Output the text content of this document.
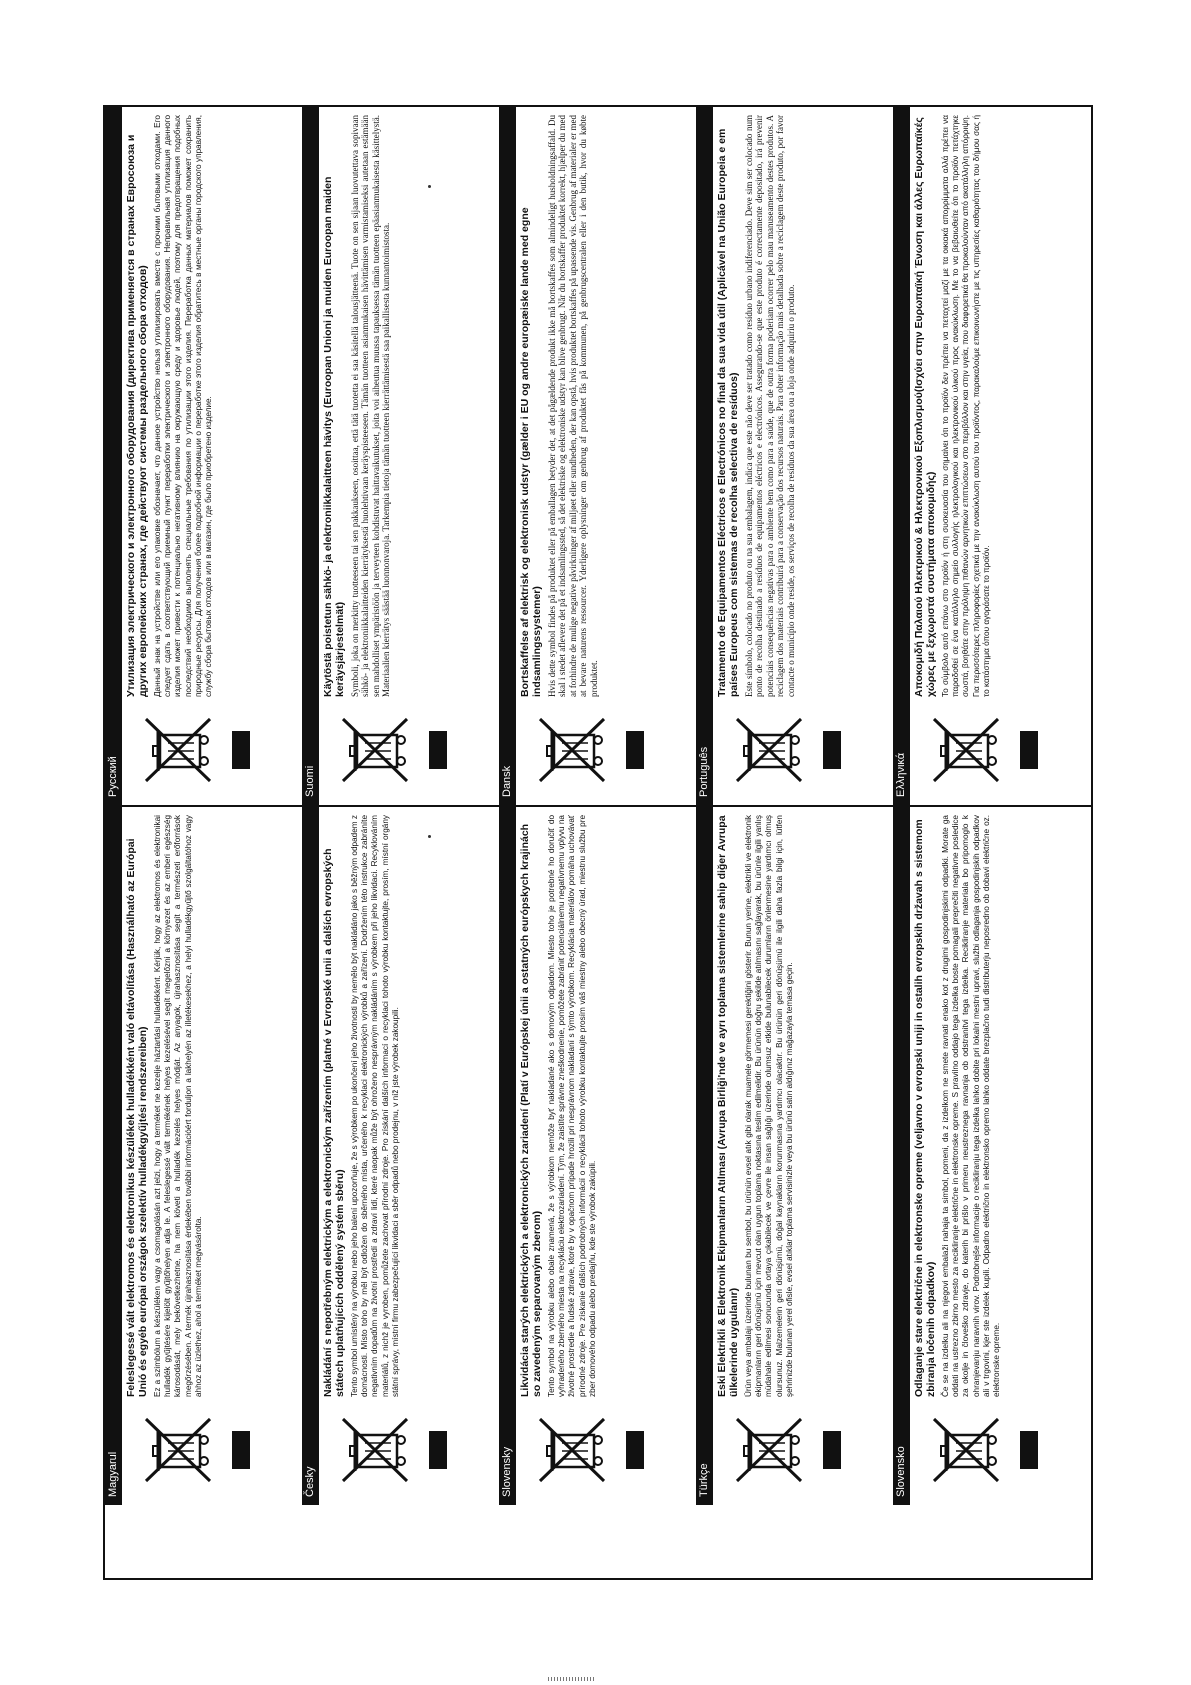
Русский

Утилизация электрического и электронного оборудования (директива применяется в странах Евросоюза и других европейских странах, где действуют системы раздельного сбора отходов) Данный знак на устройстве или его упаковке обозначает, что данное устройство нельзя утилизировать вместе с прочими бытовыми отходами. Его следует сдать в соответствующий приемный пункт переработки электрического и электронного оборудования. Неправильная утилизация данного изделия может привести к потенциально негативному влиянию на окружающую среду и здоровье людей, поэтому для предотвращения подобных последствий необходимо выполнять специальные требования по утилизации этого изделия. Переработка данных материалов поможет сохранить природные ресурсы. Для получения более подробной информации о переработке этого изделия обратитесь в местные органы городского управления, службу сбора бытовых отходов или в магазин, где было приобретено изделие.

Suomi

Käytöstä poistetun sähkö- ja elektroniikkalaitteen hävitys (Euroopan Unioni ja muiden Euroopan maiden keräysjärjestelmät) Symboli, joka on merkitty tuotteeseen tai sen pakkaukseen, osoittaa, että tätä tuotetta ei saa käsitellä talousjätteenä. Tuote on sen sijaan luovutettava sopivaan sähkö- ja elektroniikkalaitteiden kierrätyksestä huolehtivaan keräyspisteeseen. Tämän tuotteen asianmukaisen hävittämisen varmistamiseksi autetaan estämään sen mahdolliset ympäristöön ja terveyteen kohdistuvat haittavaikutukset, joita voi aiheutua muussa tapauksessa tämän tuotteen epäasianmukaisesta käsittelystä. Materiaalien kierrätys säästää luonnonvaroja. Tarkempia tietoja tämän tuotteen kierrättämisestä saa paikallisesta kunnantoimistosta.

Dansk

Bortskaffelse af elektrisk og elektronisk udstyr (gælder i EU og andre europæiske lande med egne indsamlingssystemer) Hvis dette symbol findes på produktet eller på emballagen betyder det, at det pågældende produkt ikke må bortskaffes som almindeligt husholdningsaffald. Du skal i stedet aflevere det på et indsamlingssted, så det elektriske og elektroniske udstyr kan blive genbrugt. Når du bortskaffer produktet korrekt, hjælper du med at forhindre de mulige negative påvirkninger af miljøet eller sundheden, der kan opstå, hvis produktet bortskaffes på upassende vis. Genbrug af materialer er med at bevare naturens ressourcer. Yderligere oplysninger om genbrug af produktet fås på kommunen, på genbrugscentralen eller i den butik, hvor du købte produktet.

Português

Tratamento de Equipamentos Eléctricos e Electrónicos no final da sua vida útil (Aplicável na União Europeia e em países Europeus com sistemas de recolha selectiva de resíduos) Este símbolo, colocado no produto ou na sua embalagem, indica que este não deve ser tratado como resíduo urbano indiferenciado. Deve sim ser colocado num ponto de recolha destinado a resíduos de equipamentos eléctricos e electrónicos. Assegurando-se que este produto é correctamente depositado, irá prevenir potenciais consequências negativas para o ambiente bem como para a saúde, que de outra forma poderiam ocorrer pelo mau manuseamento destes produtos. A reciclagem dos materiais contribuirá para a conservação dos recursos naturais. Para obter informação mais detalhada sobre a reciclagem deste produto, por favor contacte o município onde reside, os serviços de recolha de resíduos da sua área ou a loja onde adquiriu o produto.

Ελληνικά

Αποκομιδή Παλαιού Ηλεκτρικού & Ηλεκτρονικού Εξοπλισμού(Ισχύει στην Ευρωπαϊκή Ένωση και άλλες Ευρωπαϊκές χώρες με ξεχωριστά συστήματα αποκομιδής) Το σύμβολο αυτό επάνω στο προϊόν ή στη συσκευασία του σημαίνει ότι το προϊόν δεν πρέπει να πεταχτεί μαζί με τα οικιακά απορρίμματα αλλά πρέπει να παραδοθεί σε ένα κατάλληλο σημείο συλλογής ηλεκτρολογικού και ηλεκτρονικού υλικού προς ανακύκλωση. Με το να βεβαιωθείτε ότι το προϊόν πετάχτηκε σωστά, βοηθάτε στην πρόληψη πιθανών αρνητικών επιπτώσεων στο περιβάλλον και στην υγεία, που διαφορετικά θα προκαλούνταν από ακατάλληλη απόρριψη. Για περισσότερες πληροφορίες σχετικά με την ανακύκλωση αυτού του προϊόντος, παρακαλούμε επικοινωνήστε με τις υπηρεσίες καθαριότητας του δήμου σας ή το κατάστημα όπου αγοράσατε το προϊόν.

Magyarul

Feleslegessé vált elektromos és elektronikus készülékek hulladékként való eltávolítása (Használható az Európai Unió és egyéb európai országok szelektív hulladékgyűjtési rendszereiben) Ez a szimbólum a készüléken vagy a csomagolásán azt jelzi, hogy a terméket ne kezelje háztartási hulladékként. Kérjük, hogy az elektromos és elektronikai hulladék gyűjtésére kijelölt gyűjtőhelyen adja le. A feleslegessé vált termékének helyes kezelésével segít megelőzni a környezet és az emberi egészség károsodását, mely bekövetkezhetne, ha nem követi a hulladék kezelés helyes módját. Az anyagok, újrahasznosítása segít a természeti erőforrások megőrzésében. A termék újrahasznosítása érdekében további információért forduljon a lakhelyén az illetékesekhez, a helyi hulladékgyűjtő szolgáltatóhoz vagy ahhoz az üzlethez, ahol a terméket megvásárolta.

Česky

Nakládání s nepotřebným elektrickým a elektronickým zařízením (platné v Evropské unii a dalších evropských státech uplatňujících oddělený systém sběru) Tento symbol umístěný na výrobku nebo jeho balení upozorňuje, že s výrobkem po ukončení jeho životnosti by nemělo být nakládáno jako s běžným odpadem z domácnosti. Místo toho by měl být odložen do sběrného místa, určeného k recyklaci elektronických výrobků a zařízení. Dodržením této instrukce zabráníte negativním dopadům na životní prostředí a zdraví lidí, které naopak může být ohroženo nesprávným nakládáním s výrobkem při jeho likvidaci. Recyklováním materiálů, z nichž je vyroben, pomůžete zachovat přírodní zdroje. Pro získání dalších informací o recyklaci tohoto výrobku kontaktujte, prosím, místní orgány státní správy, místní firmu zabezpečující likvidaci a sběr odpadů nebo prodejnu, v níž jste výrobek zakoupili.

Slovensky

Likvidácia starých elektrických a elektronických zariadení (Platí v Európskej únii a ostatných európskych krajinách so zavedeným separovaným zberom) Tento symbol na výrobku alebo obale znamená, že s výrobkom nemôže byť nakladané ako s domovým odpadom. Miesto toho je potrebné ho doručiť do vyhradeného zberného miesta na recykláciu elektrozariadení. Tým, že zaistíte správne zneškodnenie, pomôžete zabrániť potenciálnemu negatívnemu vplyvu na životné prostredie a ľudské zdravie, ktoré by v opačnom prípade hrozili pri nesprávnom nakladaní s týmto výrobkom. Recyklácia materiálov pomáha uchovávať prírodné zdroje. Pre získanie ďalších podrobných informácií o recyklácii tohoto výrobku kontaktujte prosím váš miestny alebo obecný úrad, miestnu službu pre zber domového odpadu alebo predajňu, kde ste výrobok zakúpili.

Türkçe

Eski Elektrikli & Elektronik Ekipmanların Atılması (Avrupa Birliği'nde ve ayrı toplama sistemlerine sahip diğer Avrupa ülkelerinde uygulanır) Ürün veya ambalajı üzerinde bulunan bu sembol, bu ürünün evsel atık gibi olarak muamele görmemesi gerektiğini gösterir. Bunun yerine, elektrikli ve elektronik ekipmanların geri dönüşümü için mevcut olan uygun toplama noktasına teslim edilmelidir. Bu ürünün doğru şekilde atılmasını sağlayarak, bu ürünle ilgili yanlış müdahale edilmesi sonucunda ortaya çıkabilecek ve çevre ile insan sağlığı üzerinde olumsuz etkide bulunabilecek durumların önlenmesine yardımcı olmuş olursunuz. Malzemelerin geri dönüşümü, doğal kaynakların korunmasına yardımcı olacaktır. Bu ürünün geri dönüşümü ile ilgili daha fazla bilgi için, lütfen şehrinizde bulunan yerel ofisle, evsel atıklar toplama servisinizle veya bu ürünü satın aldığınız mağazayla temasa geçin.

Slovensko

Odlaganje stare električne in elektronske opreme (veljavno v evropski uniji in ostalih evropskih državah s sistemom zbiranja ločenih odpadkov) Če se na izdelku ali na njegovi embalaži nahaja ta simbol, pomeni, da z izdelkom ne smete ravnati enako kot z drugimi gospodinjskimi odpadki. Morate ga oddati na ustrezno zbirno mesto za recikliranje električne in elektronske opreme. S pravilno oddajo tega izdelka boste pomagali preprečiti negativne posledice za okolje in človeško zdravje, do katerih bi prišlo v primeru neustreznega ravnanja ob odstranitvi tega izdelka. Recikliranje materiala bo pripomoglo k ohranjevanju naravnih virov. Podrobnejše informacije o recikliranju tega izdelka lahko dobite pri lokalni mestni upravi, službi odlaganja gospodinjskih odpadkov ali v trgovini, kjer ste izdelek kupili. Odpadno električno in elektronsko opremo lahko oddate brezplačno tudi distributerju neposredno ob dobavi električne oz. elektronske opreme.
